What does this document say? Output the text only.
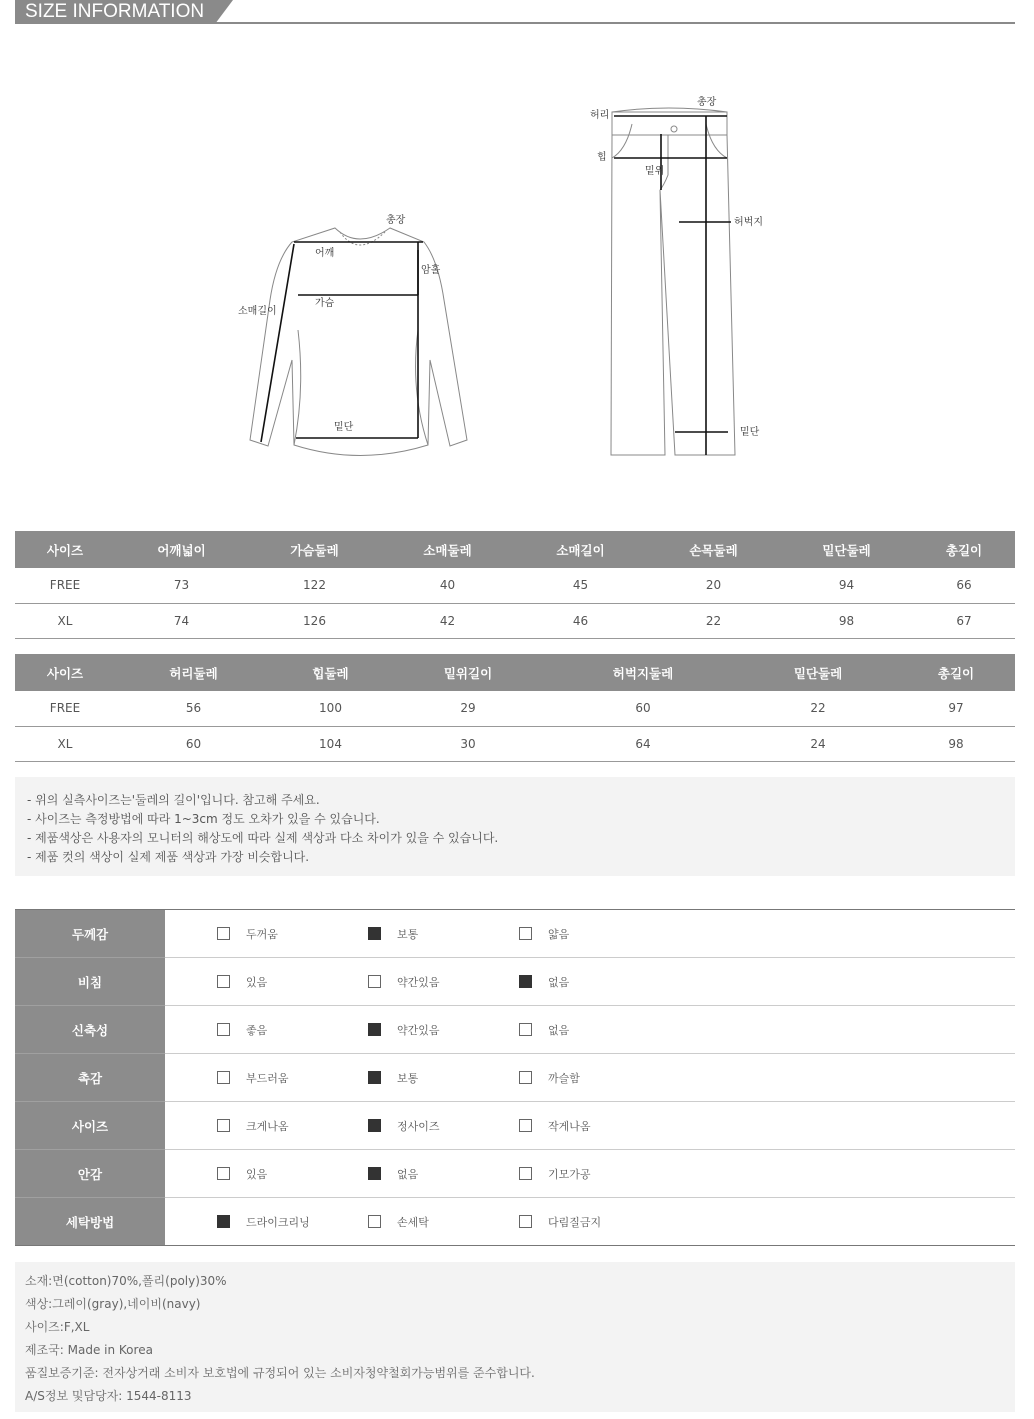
SIZE INFORMATION
총장
어깨
암홀
가슴
소매길이
밑단
허리
총장
힙
밑위
허벅지
밑단
사이즈	어깨넓이	가슴둘레	소매둘레	소매길이	손목둘레	밑단둘레	총길이
FREE	73	122	40	45	20	94	66
XL	74	126	42	46	22	98	67
사이즈	허리둘레	힙둘레	밑위길이	허벅지둘레	밑단둘레	총길이
FREE	56	100	29	60	22	97
XL	60	104	30	64	24	98
- 위의 실측사이즈는'둘레의 길이'입니다. 참고해 주세요.
- 사이즈는 측정방법에 따라 1~3cm 정도 오차가 있을 수 있습니다.
- 제품색상은 사용자의 모니터의 해상도에 따라 실제 색상과 다소 차이가 있을 수 있습니다.
- 제품 컷의 색상이 실제 제품 색상과 가장 비슷합니다.
두께감	두꺼움 보통 얇음

비침	있음 약간있음 없음

신축성	좋음 약간있음 없음

촉감	부드러움 보통 까슬함

사이즈	크게나옴 정사이즈 작게나옴

안감	있음 없음 기모가공

세탁방법	드라이크리닝 손세탁 다림질금지
소재:면(cotton)70%,폴리(poly)30%
색상:그레이(gray),네이비(navy)
사이즈:F,XL
제조국: Made in Korea
품질보증기준: 전자상거래 소비자 보호법에 규정되어 있는 소비자청약철회가능범위를 준수합니다.
A/S정보 및담당자: 1544-8113
